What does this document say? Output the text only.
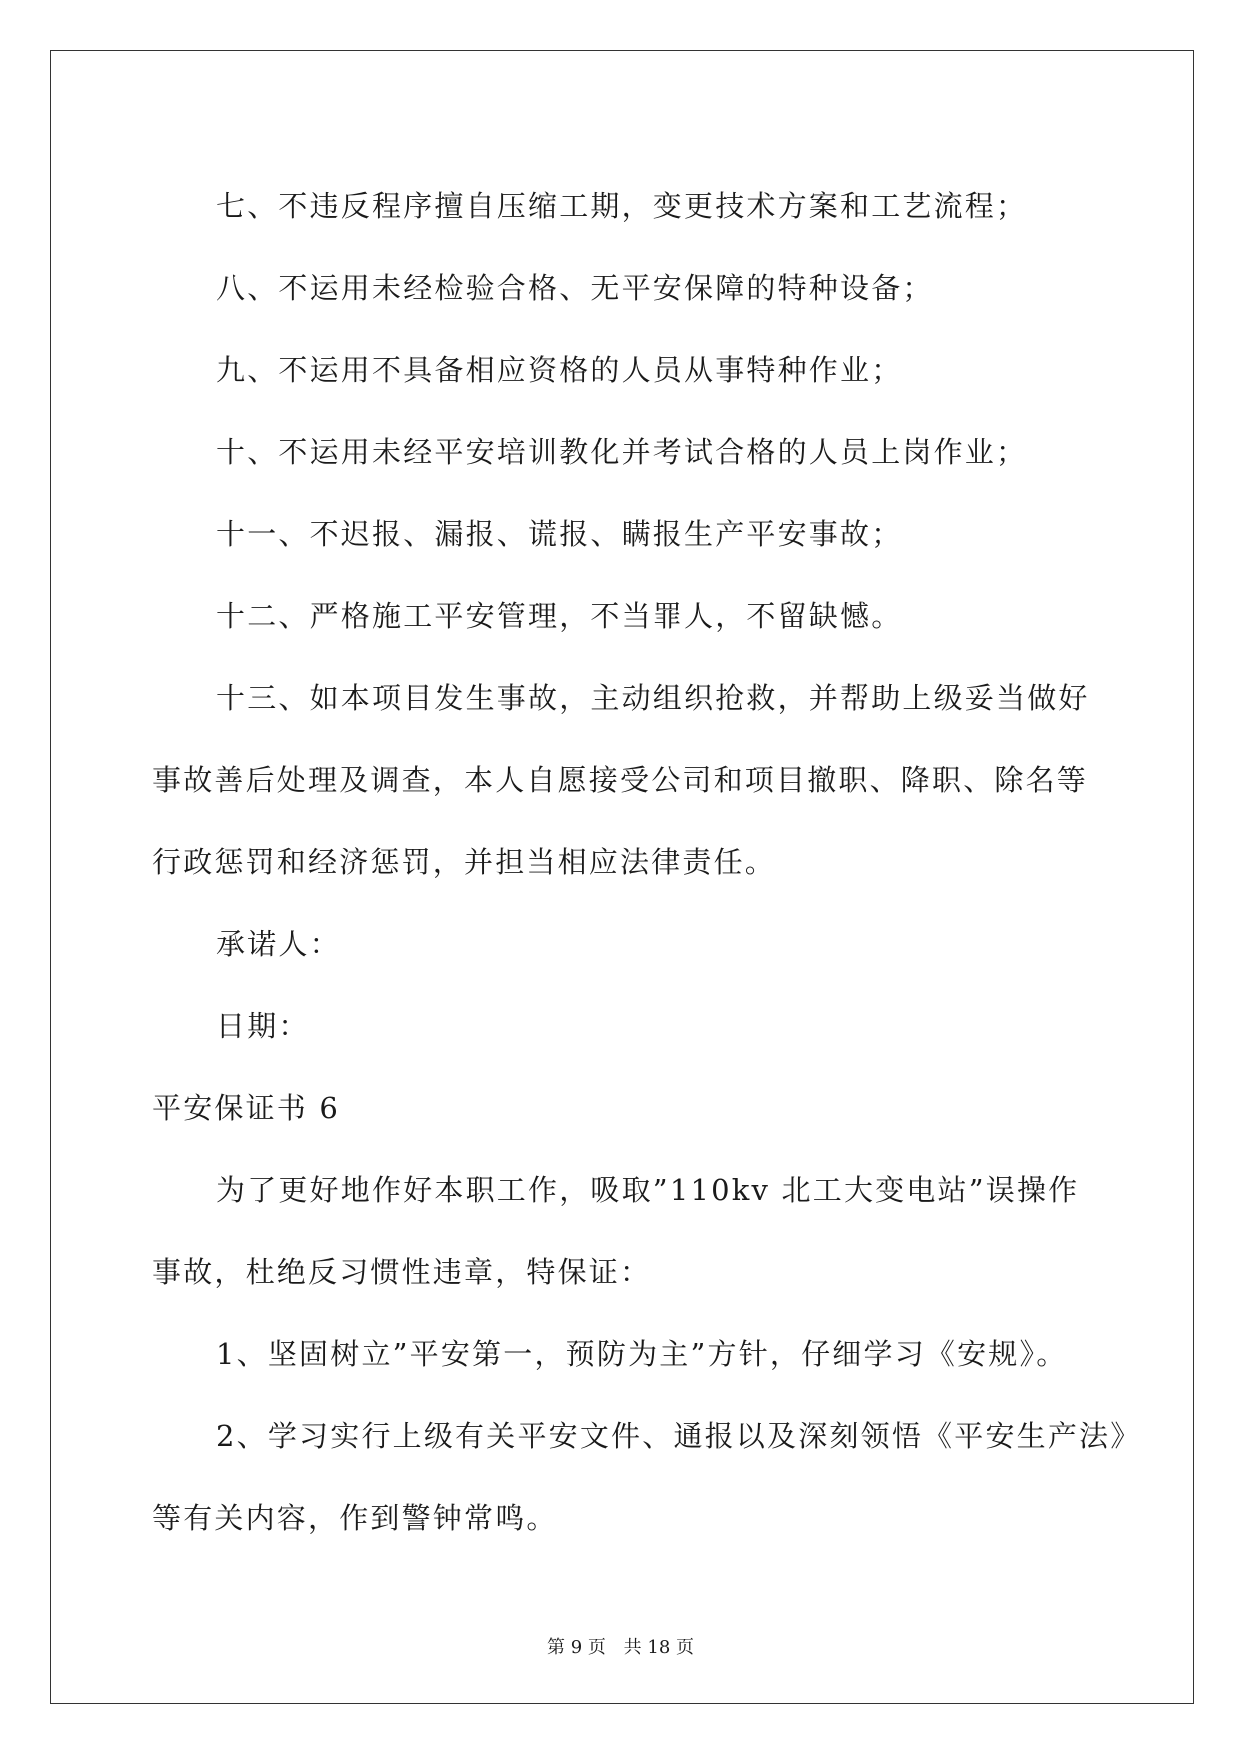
七、不违反程序擅自压缩工期，变更技术方案和工艺流程；

八、不运用未经检验合格、无平安保障的特种设备；

九、不运用不具备相应资格的人员从事特种作业；

十、不运用未经平安培训教化并考试合格的人员上岗作业；

十一、不迟报、漏报、谎报、瞒报生产平安事故；

十二、严格施工平安管理，不当罪人，不留缺憾。

十三、如本项目发生事故，主动组织抢救，并帮助上级妥当做好

事故善后处理及调查，本人自愿接受公司和项目撤职、降职、除名等

行政惩罚和经济惩罚，并担当相应法律责任。

承诺人：

日期：

平安保证书 6

为了更好地作好本职工作，吸取”110kv 北工大变电站”误操作

事故，杜绝反习惯性违章，特保证：

1、坚固树立”平安第一，预防为主”方针，仔细学习《安规》。

2、学习实行上级有关平安文件、通报以及深刻领悟《平安生产法》

等有关内容，作到警钟常鸣。

第 9 页 共 18 页
